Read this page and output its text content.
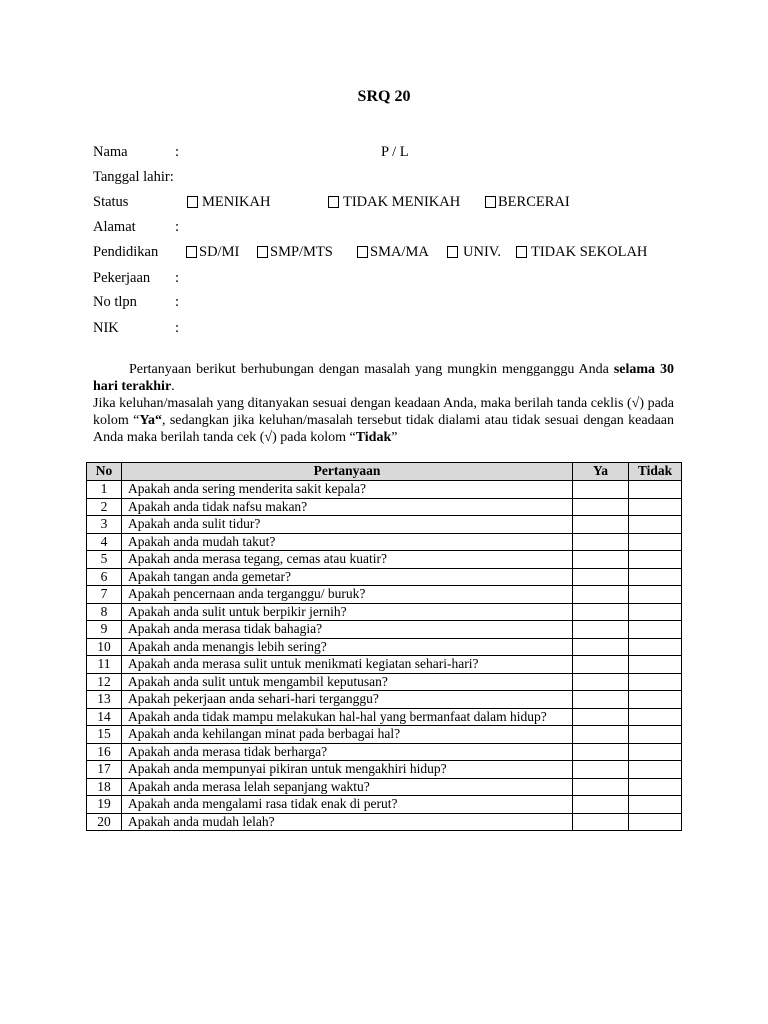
SRQ 20
Nama	:	P / L
Tanggal lahir:
Status	MENIKAH	TIDAK MENIKAH	BERCERAI
Alamat	:
Pendidikan	SD/MI	SMP/MTS	SMA/MA	UNIV.	TIDAK SEKOLAH
Pekerjaan :
No tlpn	:
NIK	:

Pertanyaan berikut berhubungan dengan masalah yang mungkin mengganggu Anda selama 30 hari terakhir.

Jika keluhan/masalah yang ditanyakan sesuai dengan keadaan Anda, maka berilah tanda ceklis (√) pada kolom “Ya“, sedangkan jika keluhan/masalah tersebut tidak dialami atau tidak sesuai dengan keadaan Anda maka berilah tanda cek (√) pada kolom “Tidak”

No	Pertanyaan	Ya	Tidak
1	Apakah anda sering menderita sakit kepala?		
2	Apakah anda tidak nafsu makan?		
3	Apakah anda sulit tidur?		
4	Apakah anda mudah takut?		
5	Apakah anda merasa tegang, cemas atau kuatir?		
6	Apakah tangan anda gemetar?		
7	Apakah pencernaan anda terganggu/ buruk?		
8	Apakah anda sulit untuk berpikir jernih?		
9	Apakah anda merasa tidak bahagia?		
10	Apakah anda menangis lebih sering?		
11	Apakah anda merasa sulit untuk menikmati kegiatan sehari-hari?		
12	Apakah anda sulit untuk mengambil keputusan?		
13	Apakah pekerjaan anda sehari-hari terganggu?		
14	Apakah anda tidak mampu melakukan hal-hal yang bermanfaat dalam hidup?		
15	Apakah anda kehilangan minat pada berbagai hal?		
16	Apakah anda merasa tidak berharga?		
17	Apakah anda mempunyai pikiran untuk mengakhiri hidup?		
18	Apakah anda merasa lelah sepanjang waktu?		
19	Apakah anda mengalami rasa tidak enak di perut?		
20	Apakah anda mudah lelah?		
